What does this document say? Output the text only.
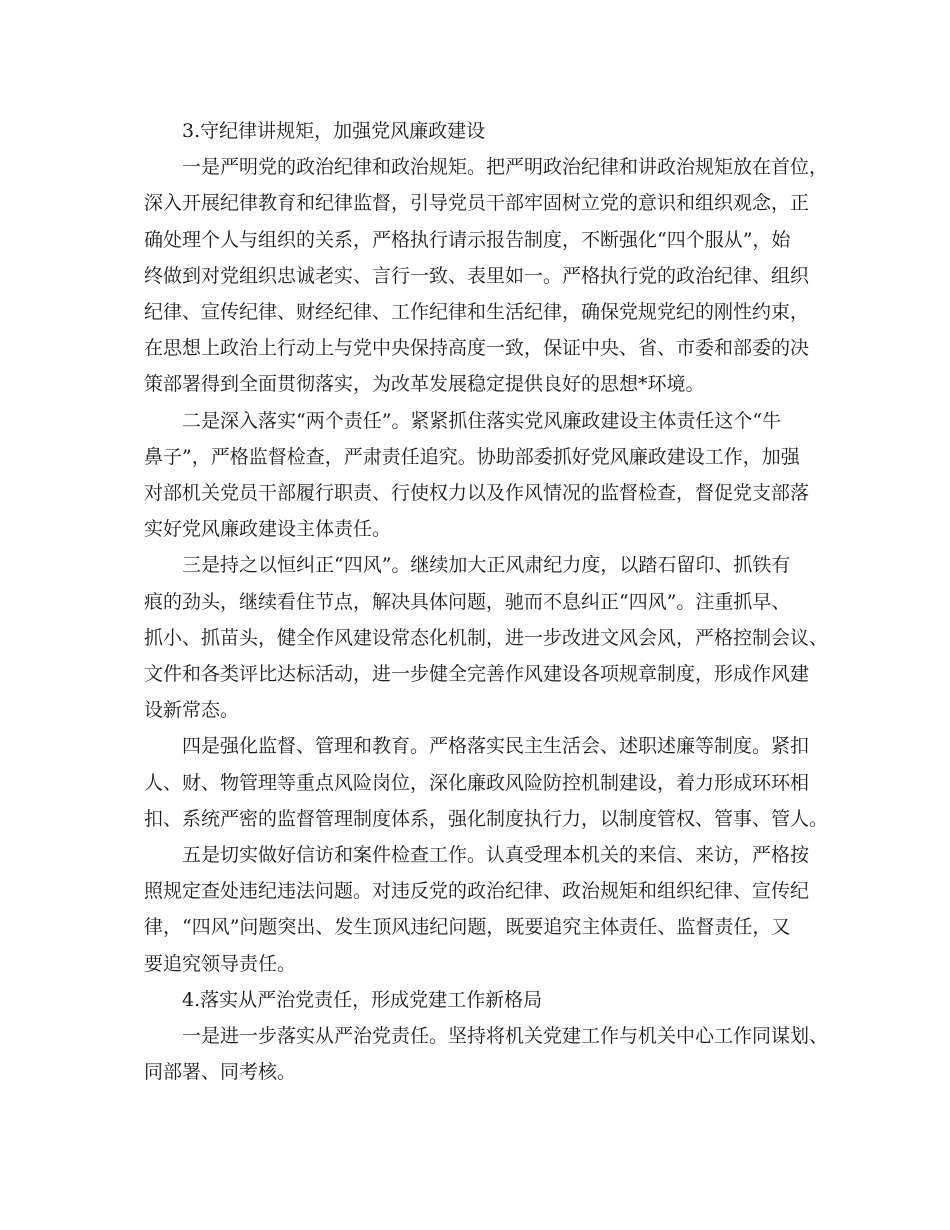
3.守纪律讲规矩，加强党风廉政建设
一是严明党的政治纪律和政治规矩。把严明政治纪律和讲政治规矩放在首位，
深入开展纪律教育和纪律监督，引导党员干部牢固树立党的意识和组织观念，正
确处理个人与组织的关系，严格执行请示报告制度，不断强化“四个服从”，始
终做到对党组织忠诚老实、言行一致、表里如一。严格执行党的政治纪律、组织
纪律、宣传纪律、财经纪律、工作纪律和生活纪律，确保党规党纪的刚性约束，
在思想上政治上行动上与党中央保持高度一致，保证中央、省、市委和部委的决
策部署得到全面贯彻落实，为改革发展稳定提供良好的思想*环境。
二是深入落实“两个责任”。紧紧抓住落实党风廉政建设主体责任这个“牛
鼻子”，严格监督检查，严肃责任追究。协助部委抓好党风廉政建设工作，加强
对部机关党员干部履行职责、行使权力以及作风情况的监督检查，督促党支部落
实好党风廉政建设主体责任。
三是持之以恒纠正“四风”。继续加大正风肃纪力度，以踏石留印、抓铁有
痕的劲头，继续看住节点，解决具体问题，驰而不息纠正“四风”。注重抓早、
抓小、抓苗头，健全作风建设常态化机制，进一步改进文风会风，严格控制会议、
文件和各类评比达标活动，进一步健全完善作风建设各项规章制度，形成作风建
设新常态。
四是强化监督、管理和教育。严格落实民主生活会、述职述廉等制度。紧扣
人、财、物管理等重点风险岗位，深化廉政风险防控机制建设，着力形成环环相
扣、系统严密的监督管理制度体系，强化制度执行力，以制度管权、管事、管人。
五是切实做好信访和案件检查工作。认真受理本机关的来信、来访，严格按
照规定查处违纪违法问题。对违反党的政治纪律、政治规矩和组织纪律、宣传纪
律，“四风”问题突出、发生顶风违纪问题，既要追究主体责任、监督责任，又
要追究领导责任。
4.落实从严治党责任，形成党建工作新格局
一是进一步落实从严治党责任。坚持将机关党建工作与机关中心工作同谋划、
同部署、同考核。
